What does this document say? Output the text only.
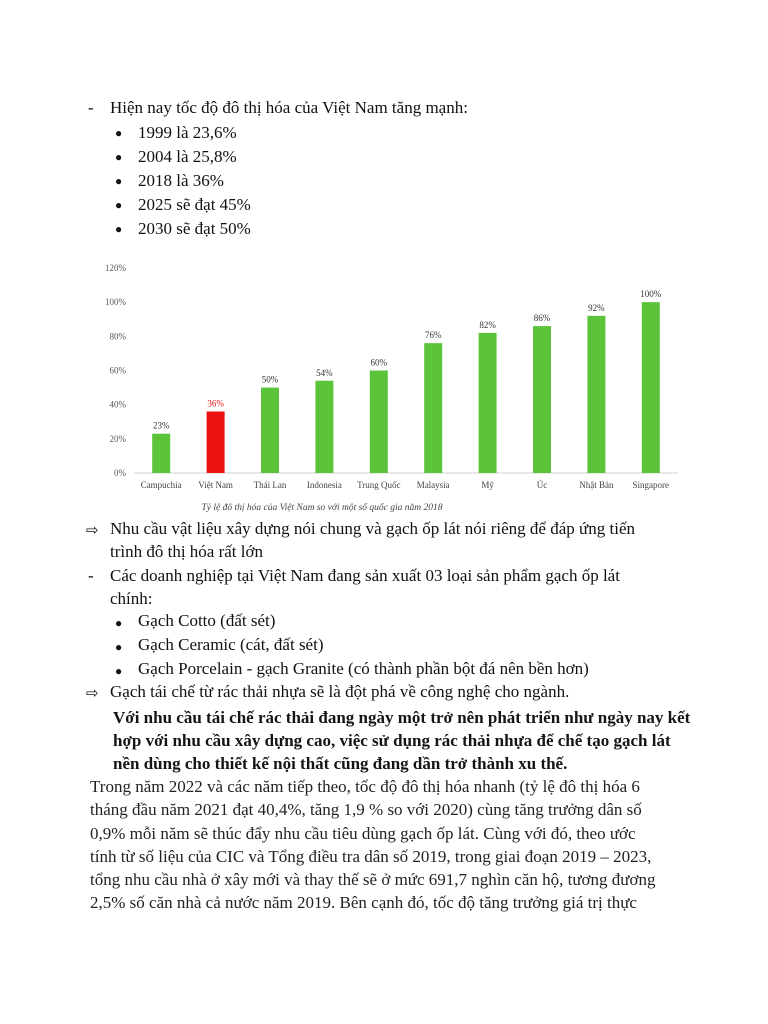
- Hiện nay tốc độ đô thị hóa của Việt Nam tăng mạnh:
● 1999 là 23,6%
● 2004 là 25,8%
● 2018 là 36%
● 2025 sẽ đạt 45%
● 2030 sẽ đạt 50%
0%
20%
40%
60%
80%
100%
120%
23%
36%
50%
54%
60%
76%
82%
86%
92%
100%
Campuchia Việt Nam Thái Lan Indonesia Trung Quốc Malaysia	Mỹ	Úc	Nhật Bản Singapore
Tỷ lệ đô thị hóa của Việt Nam so với một số quốc gia năm 2018
⇨ Nhu cầu vật liệu xây dựng nói chung và gạch ốp lát nói riêng để đáp ứng tiến
trình đô thị hóa rất lớn
- Các doanh nghiệp tại Việt Nam đang sản xuất 03 loại sản phẩm gạch ốp lát
chính:
● Gạch Cotto (đất sét)
● Gạch Ceramic (cát, đất sét)
● Gạch Porcelain - gạch Granite (có thành phần bột đá nên bền hơn)
⇨ Gạch tái chế từ rác thải nhựa sẽ là đột phá về công nghệ cho ngành.
Với nhu cầu tái chế rác thải đang ngày một trở nên phát triển như ngày nay kết
hợp với nhu cầu xây dựng cao, việc sử dụng rác thải nhựa để chế tạo gạch lát
nền dùng cho thiết kế nội thất cũng đang dần trở thành xu thế.
Trong năm 2022 và các năm tiếp theo, tốc độ đô thị hóa nhanh (tỷ lệ đô thị hóa 6
tháng đầu năm 2021 đạt 40,4%, tăng 1,9 % so với 2020) cùng tăng trưởng dân số
0,9% mỗi năm sẽ thúc đẩy nhu cầu tiêu dùng gạch ốp lát. Cùng với đó, theo ước
tính từ số liệu của CIC và Tổng điều tra dân số 2019, trong giai đoạn 2019 – 2023,
tổng nhu cầu nhà ở xây mới và thay thế sẽ ở mức 691,7 nghìn căn hộ, tương đương
2,5% số căn nhà cả nước năm 2019. Bên cạnh đó, tốc độ tăng trưởng giá trị thực
